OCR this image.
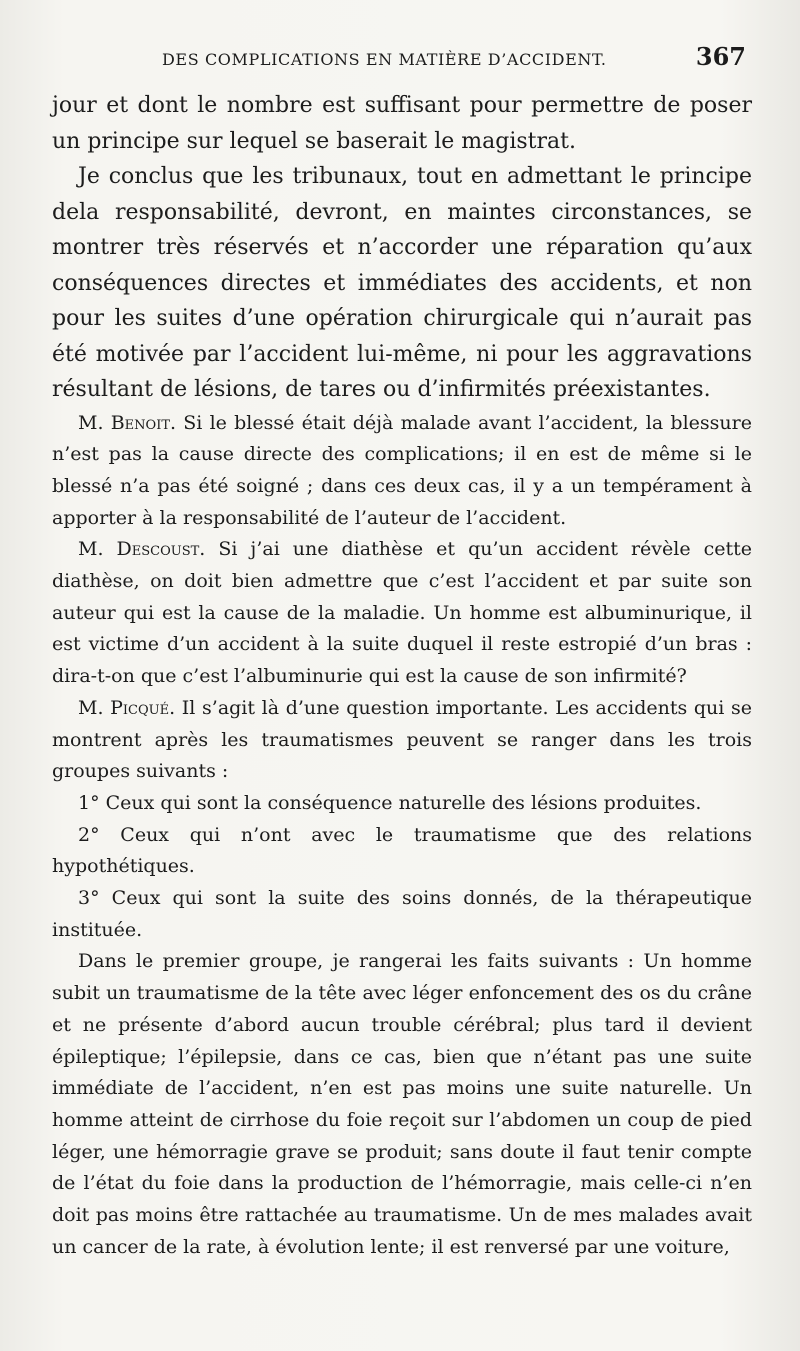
DES COMPLICATIONS EN MATIÈRE D’ACCIDENT.	367

jour et dont le nombre est suffisant pour permettre de poser un principe sur lequel se baserait le magistrat.

Je conclus que les tribunaux, tout en admettant le principe dela responsabilité, devront, en maintes circonstances, se montrer très réservés et n’accorder une réparation qu’aux conséquences directes et immédiates des accidents, et non pour les suites d’une opération chirurgicale qui n’aurait pas été motivée par l’accident lui-même, ni pour les aggravations résultant de lésions, de tares ou d’infirmités préexistantes.

M. Benoit. Si le blessé était déjà malade avant l’accident, la blessure n’est pas la cause directe des complications; il en est de même si le blessé n’a pas été soigné ; dans ces deux cas, il y a un tempérament à apporter à la responsabilité de l’auteur de l’accident.

M. Descoust. Si j’ai une diathèse et qu’un accident révèle cette diathèse, on doit bien admettre que c’est l’accident et par suite son auteur qui est la cause de la maladie. Un homme est albuminurique, il est victime d’un accident à la suite duquel il reste estropié d’un bras : dira-t-on que c’est l’albuminurie qui est la cause de son infirmité?

M. Picqué. Il s’agit là d’une question importante. Les accidents qui se montrent après les traumatismes peuvent se ranger dans les trois groupes suivants :

1° Ceux qui sont la conséquence naturelle des lésions produites.

2° Ceux qui n’ont avec le traumatisme que des relations hypothétiques.

3° Ceux qui sont la suite des soins donnés, de la thérapeutique instituée.

Dans le premier groupe, je rangerai les faits suivants : Un homme subit un traumatisme de la tête avec léger enfoncement des os du crâne et ne présente d’abord aucun trouble cérébral; plus tard il devient épileptique; l’épilepsie, dans ce cas, bien que n’étant pas une suite immédiate de l’accident, n’en est pas moins une suite naturelle. Un homme atteint de cirrhose du foie reçoit sur l’abdomen un coup de pied léger, une hémorragie grave se produit; sans doute il faut tenir compte de l’état du foie dans la production de l’hémorragie, mais celle-ci n’en doit pas moins être rattachée au traumatisme. Un de mes malades avait un cancer de la rate, à évolution lente; il est renversé par une voiture,
